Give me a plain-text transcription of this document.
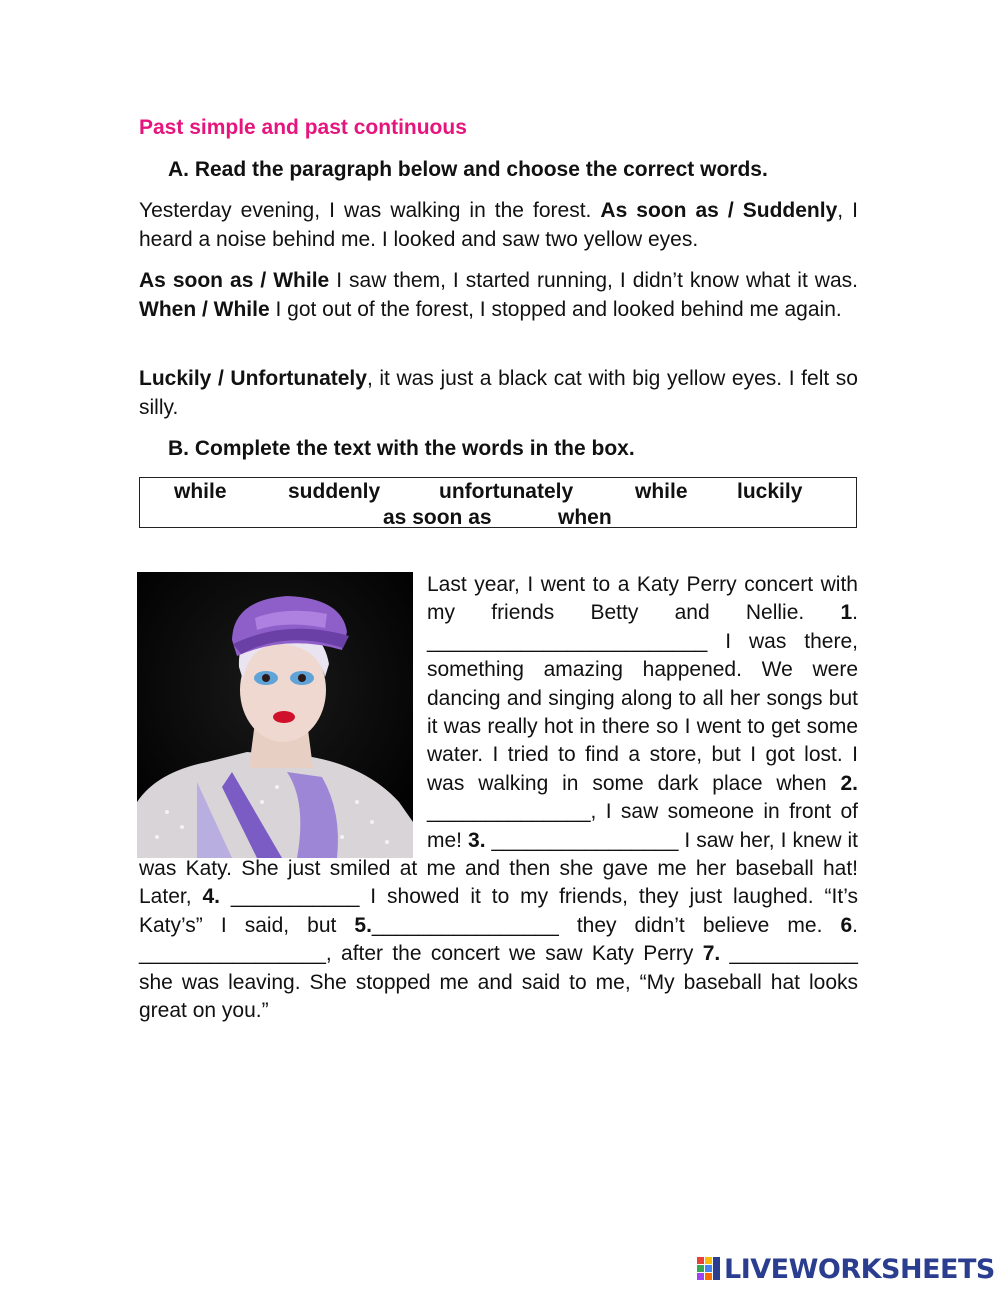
Past simple and past continuous

A. Read the paragraph below and choose the correct words.

Yesterday evening, I was walking in the forest. As soon as / Suddenly, I heard a noise behind me. I looked and saw two yellow eyes.

As soon as / While I saw them, I started running, I didn’t know what it was. When / While I got out of the forest, I stopped and looked behind me again.

Luckily / Unfortunately, it was just a black cat with big yellow eyes. I felt so silly.

B. Complete the text with the words in the box.

while	suddenly	unfortunately	while luckily
as soon as	when

Last year, I went to a Katy Perry concert with my friends Betty and Nellie. 1. ________________________ I was there, something amazing happened. We were dancing and singing along to all her songs but it was really hot in there so I went to get some water. I tried to find a store, but I got lost. I was walking in some dark place when 2. ______________, I saw someone in front of me! 3. ________________ I saw her, I knew it was Katy. She just smiled at me and then she gave me her baseball hat! Later, 4. ___________ I showed it to my friends, they just laughed. “It’s Katy’s” I said, but 5.________________ they didn’t believe me. 6. ________________, after the concert we saw Katy Perry 7. ___________ she was leaving. She stopped me and said to me, “My baseball hat looks great on you.”

LIVEWORKSHEETS
